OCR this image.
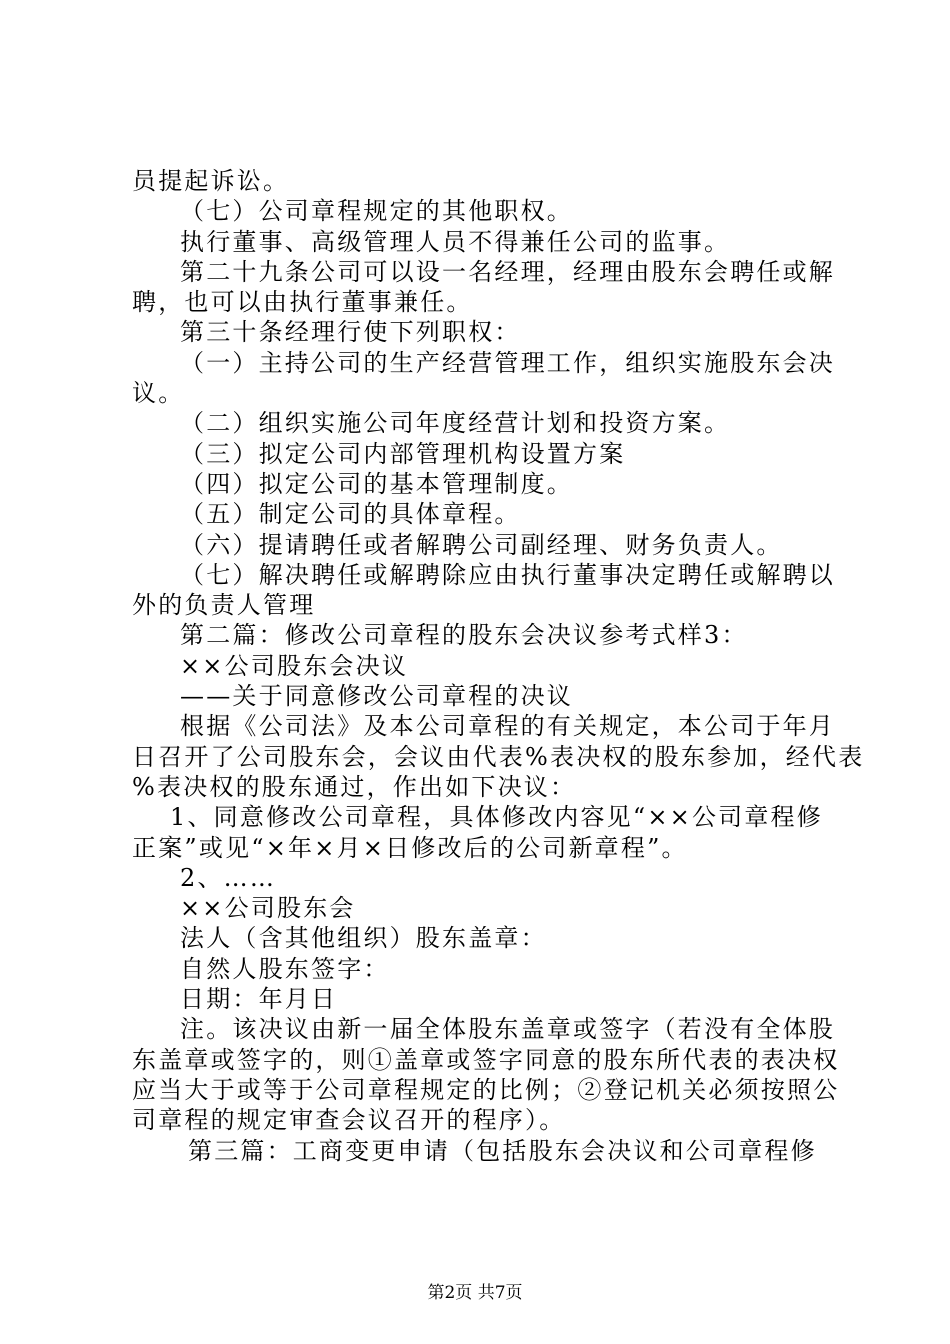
员提起诉讼。
（七）公司章程规定的其他职权。
执行董事、高级管理人员不得兼任公司的监事。
第二十九条公司可以设一名经理，经理由股东会聘任或解
聘，也可以由执行董事兼任。
第三十条经理行使下列职权：
（一）主持公司的生产经营管理工作，组织实施股东会决
议。
（二）组织实施公司年度经营计划和投资方案。
（三）拟定公司内部管理机构设置方案
（四）拟定公司的基本管理制度。
（五）制定公司的具体章程。
（六）提请聘任或者解聘公司副经理、财务负责人。
（七）解决聘任或解聘除应由执行董事决定聘任或解聘以
外的负责人管理
第二篇：修改公司章程的股东会决议参考式样3：
××公司股东会决议
——关于同意修改公司章程的决议
根据《公司法》及本公司章程的有关规定，本公司于年月
日召开了公司股东会，会议由代表%表决权的股东参加，经代表
%表决权的股东通过，作出如下决议：
1、同意修改公司章程，具体修改内容见“××公司章程修
正案”或见“×年×月×日修改后的公司新章程”。
2、……
××公司股东会
法人（含其他组织）股东盖章：
自然人股东签字：
日期：年月日
注。该决议由新一届全体股东盖章或签字（若没有全体股
东盖章或签字的，则①盖章或签字同意的股东所代表的表决权
应当大于或等于公司章程规定的比例；②登记机关必须按照公
司章程的规定审查会议召开的程序）。
第三篇：工商变更申请（包括股东会决议和公司章程修
第2页 共7页
